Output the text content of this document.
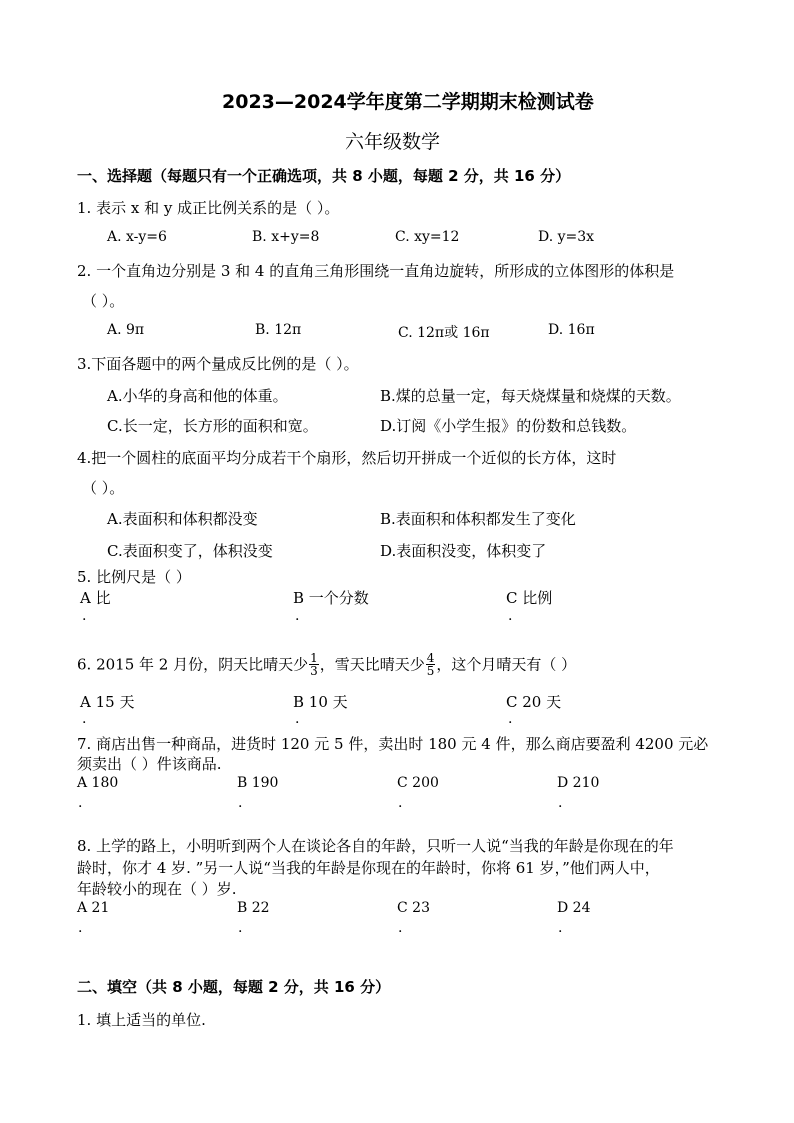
2023—2024学年度第二学期期末检测试卷
六年级数学
一、选择题（每题只有一个正确选项，共 8 小题，每题 2 分，共 16 分）
1. 表示 x 和 y 成正比例关系的是（ ）。
A. x-y=6	B. x+y=8	C. xy=12	D. y=3x
2. 一个直角边分别是 3 和 4 的直角三角形围绕一直角边旋转，所形成的立体图形的体积是
（ ）。
A. 9π	B. 12π	C. 12π或 16π	D. 16π
3.下面各题中的两个量成反比例的是（ ）。
A.小华的身高和他的体重。	B.煤的总量一定，每天烧煤量和烧煤的天数。
C.长一定，长方形的面积和宽。	D.订阅《小学生报》的份数和总钱数。
4.把一个圆柱的底面平均分成若干个扇形，然后切开拼成一个近似的长方体，这时
（ ）。
A.表面积和体积都没变	B.表面积和体积都发生了变化
C.表面积变了，体积没变	D.表面积没变，体积变了
5. 比例尺是（ ）
A 比	B 一个分数	C 比例
.	.	.
6. 2015 年 2 月份，阴天比晴天少 $\frac{1}{3}$ ，雪天比晴天少 $\frac{4}{5}$ ，这个月晴天有（ ）
A 15 天	B 10 天	C 20 天
.	.	.
7. 商店出售一种商品，进货时 120 元 5 件，卖出时 180 元 4 件，那么商店要盈利 4200 元必
须卖出（ ）件该商品.
A 180	B 190	C 200	D 210
.	.	.	.
8. 上学的路上，小明听到两个人在谈论各自的年龄，只听一人说“当我的年龄是你现在的年
龄时，你才 4 岁. ”另一人说“当我的年龄是你现在的年龄时，你将 61 岁，”他们两人中，
年龄较小的现在（ ）岁.
A 21	B 22	C 23	D 24
.	.	.	.
二、填空（共 8 小题，每题 2 分，共 16 分）
1. 填上适当的单位.
